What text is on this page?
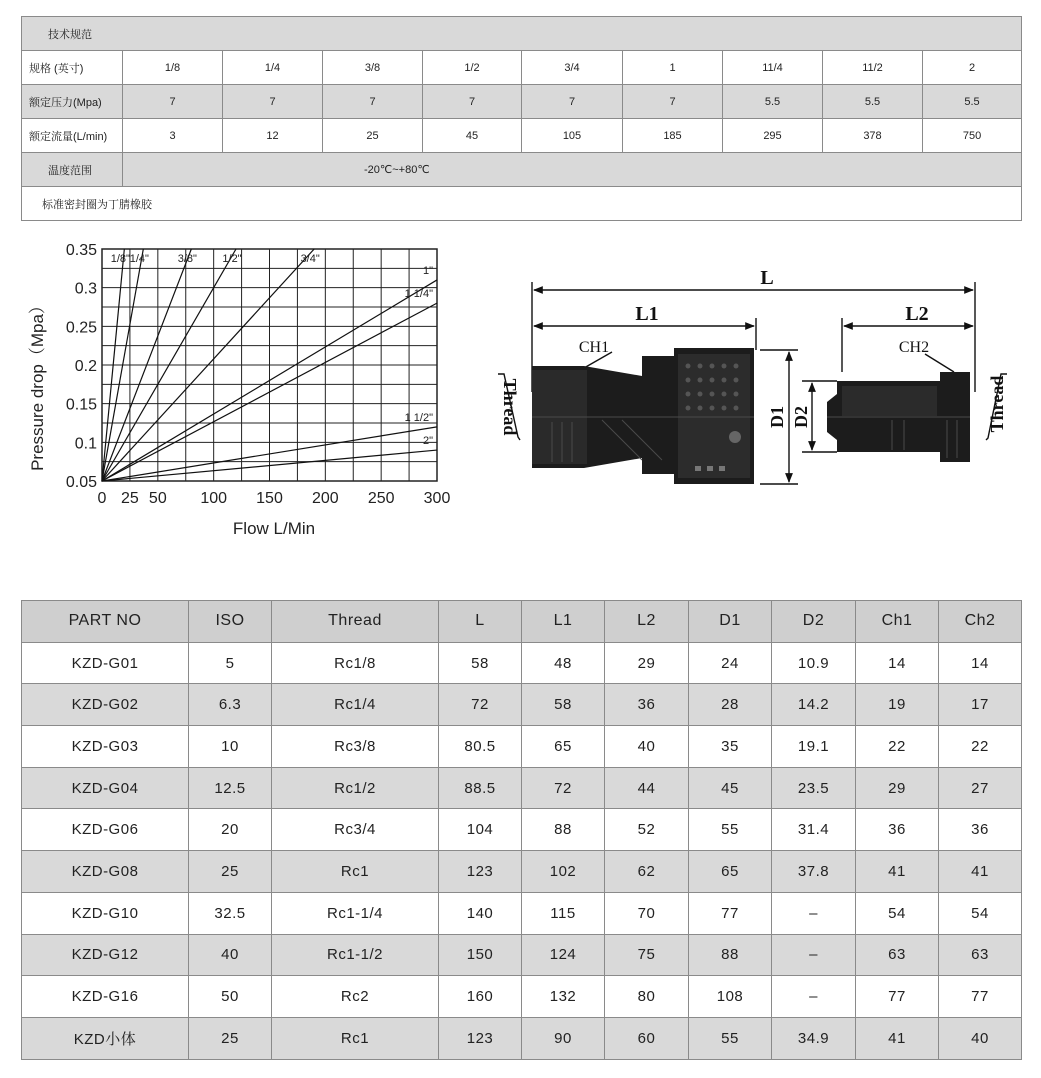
技术规范									
规格 (英寸)	1/8	1/4	3/8	1/2	3/4	1	11/4	11/2	2
额定压力(Mpa)	7	7	7	7	7	7	5.5	5.5	5.5
额定流量(L/min)	3	12	25	45	105	185	295	378	750
温度范围	-20℃~+80℃								
标准密封圈为丁腈橡胶									
0 25 50 100 150 200 250 300
0.35
0.3
0.25
0.2
0.15
0.1
0.05
1/8" 1/4"	3/8" 1/2"	3/4"
1"
1 1/4"
1 1/2"
2"
Flow L/Min
Pressure drop（Mpa）
L
L1	L2
CH1	CH2
D1 D2
Thread	Thread
PART NO	ISO	Thread	L	L1	L2	D1	D2	Ch1	Ch2
KZD-G01	5	Rc1/8	58	48	29	24	10.9	14	14
KZD-G02	6.3	Rc1/4	72	58	36	28	14.2	19	17
KZD-G03	10	Rc3/8	80.5	65	40	35	19.1	22	22
KZD-G04	12.5	Rc1/2	88.5	72	44	45	23.5	29	27
KZD-G06	20	Rc3/4	104	88	52	55	31.4	36	36
KZD-G08	25	Rc1	123	102	62	65	37.8	41	41
KZD-G10	32.5	Rc1-1/4	140	115	70	77	–	54	54
KZD-G12	40	Rc1-1/2	150	124	75	88	–	63	63
KZD-G16	50	Rc2	160	132	80	108	–	77	77
KZD小体	25	Rc1	123	90	60	55	34.9	41	40
